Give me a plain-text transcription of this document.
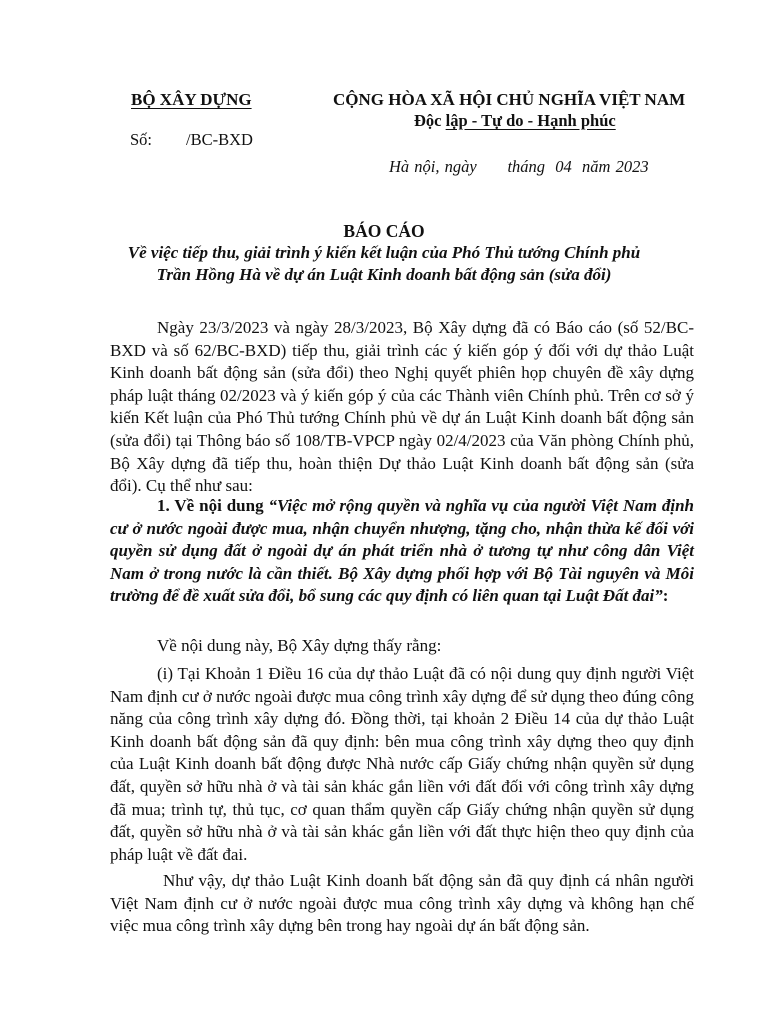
BỘ XÂY DỰNG	CỘNG HÒA XÃ HỘI CHỦ NGHĨA VIỆT NAM
Độc lập - Tự do - Hạnh phúc
Số: /BC-BXD
Hà nội, ngày      tháng  04  năm 2023
BÁO CÁO
Về việc tiếp thu, giải trình ý kiến kết luận của Phó Thủ tướng Chính phủ
Trần Hồng Hà về dự án Luật Kinh doanh bất động sản (sửa đổi)

Ngày 23/3/2023 và ngày 28/3/2023, Bộ Xây dựng đã có Báo cáo (số 52/BC-BXD và số 62/BC-BXD) tiếp thu, giải trình các ý kiến góp ý đối với dự thảo Luật Kinh doanh bất động sản (sửa đổi) theo Nghị quyết phiên họp chuyên đề xây dựng pháp luật tháng 02/2023 và ý kiến góp ý của các Thành viên Chính phủ. Trên cơ sở ý kiến Kết luận của Phó Thủ tướng Chính phủ về dự án Luật Kinh doanh bất động sản (sửa đổi) tại Thông báo số 108/TB-VPCP ngày 02/4/2023 của Văn phòng Chính phủ, Bộ Xây dựng đã tiếp thu, hoàn thiện Dự thảo Luật Kinh doanh bất động sản (sửa đổi). Cụ thể như sau:

1. Về nội dung “Việc mở rộng quyền và nghĩa vụ của người Việt Nam định cư ở nước ngoài được mua, nhận chuyển nhượng, tặng cho, nhận thừa kế đối với quyền sử dụng đất ở ngoài dự án phát triển nhà ở tương tự như công dân Việt Nam ở trong nước là cần thiết. Bộ Xây dựng phối hợp với Bộ Tài nguyên và Môi trường để đề xuất sửa đổi, bổ sung các quy định có liên quan tại Luật Đất đai”:

Về nội dung này, Bộ Xây dựng thấy rằng:

(i) Tại Khoản 1 Điều 16 của dự thảo Luật đã có nội dung quy định người Việt Nam định cư ở nước ngoài được mua công trình xây dựng để sử dụng theo đúng công năng của công trình xây dựng đó. Đồng thời, tại khoản 2 Điều 14 của dự thảo Luật Kinh doanh bất động sản đã quy định: bên mua công trình xây dựng theo quy định của Luật Kinh doanh bất động được Nhà nước cấp Giấy chứng nhận quyền sử dụng đất, quyền sở hữu nhà ở và tài sản khác gắn liền với đất đối với công trình xây dựng đã mua; trình tự, thủ tục, cơ quan thẩm quyền cấp Giấy chứng nhận quyền sử dụng đất, quyền sở hữu nhà ở và tài sản khác gắn liền với đất thực hiện theo quy định của pháp luật về đất đai.

Như vậy, dự thảo Luật Kinh doanh bất động sản đã quy định cá nhân người Việt Nam định cư ở nước ngoài được mua công trình xây dựng và không hạn chế việc mua công trình xây dựng bên trong hay ngoài dự án bất động sản.
